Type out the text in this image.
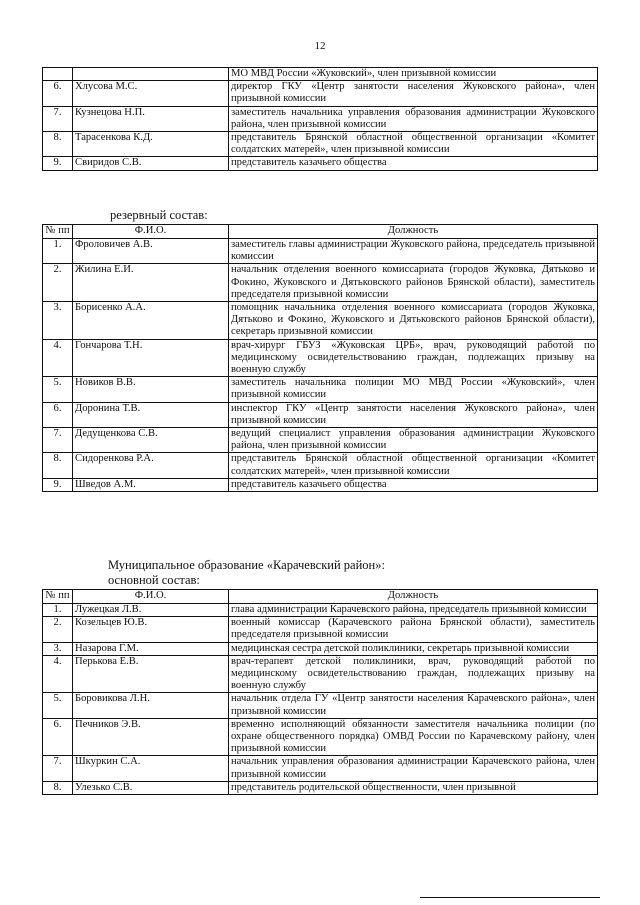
12
		МО МВД России «Жуковский», член призывной комиссии
6.	Хлусова М.С.	директор ГКУ «Центр занятости населения Жуковского района», член призывной комиссии
7.	Кузнецова Н.П.	заместитель начальника управления образования администрации Жуковского района, член призывной комиссии
8.	Тарасенкова К.Д.	представитель Брянской областной общественной организации «Комитет солдатских матерей», член призывной комиссии
9.	Свиридов С.В.	представитель казачьего общества
резервный состав:
№ пп	Ф.И.О.	Должность
1.	Фроловичев А.В.	заместитель главы администрации Жуковского района, председатель призывной комиссии
2.	Жилина Е.И.	начальник отделения военного комиссариата (городов Жуковка, Дятьково и Фокино, Жуковского и Дятьковского районов Брянской области), заместитель председателя призывной комиссии
3.	Борисенко А.А.	помощник начальника отделения военного комиссариата (городов Жуковка, Дятьково и Фокино, Жуковского и Дятьковского районов Брянской области), секретарь призывной комиссии
4.	Гончарова Т.Н.	врач-хирург ГБУЗ «Жуковская ЦРБ», врач, руководящий работой по медицинскому освидетельствованию граждан, подлежащих призыву на военную службу
5.	Новиков В.В.	заместитель начальника полиции МО МВД России «Жуковский», член призывной комиссии
6.	Доронина Т.В.	инспектор ГКУ «Центр занятости населения Жуковского района», член призывной комиссии
7.	Дедущенкова С.В.	ведущий специалист управления образования администрации Жуковского района, член призывной комиссии
8.	Сидоренкова Р.А.	представитель Брянской областной общественной организации «Комитет солдатских матерей», член призывной комиссии
9.	Шведов А.М.	представитель казачьего общества
Муниципальное образование «Карачевский район»:
основной состав:
№ пп	Ф.И.О.	Должность
1.	Лужецкая Л.В.	глава администрации Карачевского района, председатель призывной комиссии
2.	Козельцев Ю.В.	военный комиссар (Карачевского района Брянской области), заместитель председателя призывной комиссии
3.	Назарова Г.М.	медицинская сестра детской поликлиники, секретарь призывной комиссии
4.	Перькова Е.В.	врач-терапевт детской поликлиники, врач, руководящий работой по медицинскому освидетельствованию граждан, подлежащих призыву на военную службу
5.	Боровикова Л.Н.	начальник отдела ГУ «Центр занятости населения Карачевского района», член призывной комиссии
6.	Печников Э.В.	временно исполняющий обязанности заместителя начальника полиции (по охране общественного порядка) ОМВД России по Карачевскому району, член призывной комиссии
7.	Шкуркин С.А.	начальник управления образования администрации Карачевского района, член призывной комиссии
8.	Улезько С.В.	представитель родительской общественности, член призывной
